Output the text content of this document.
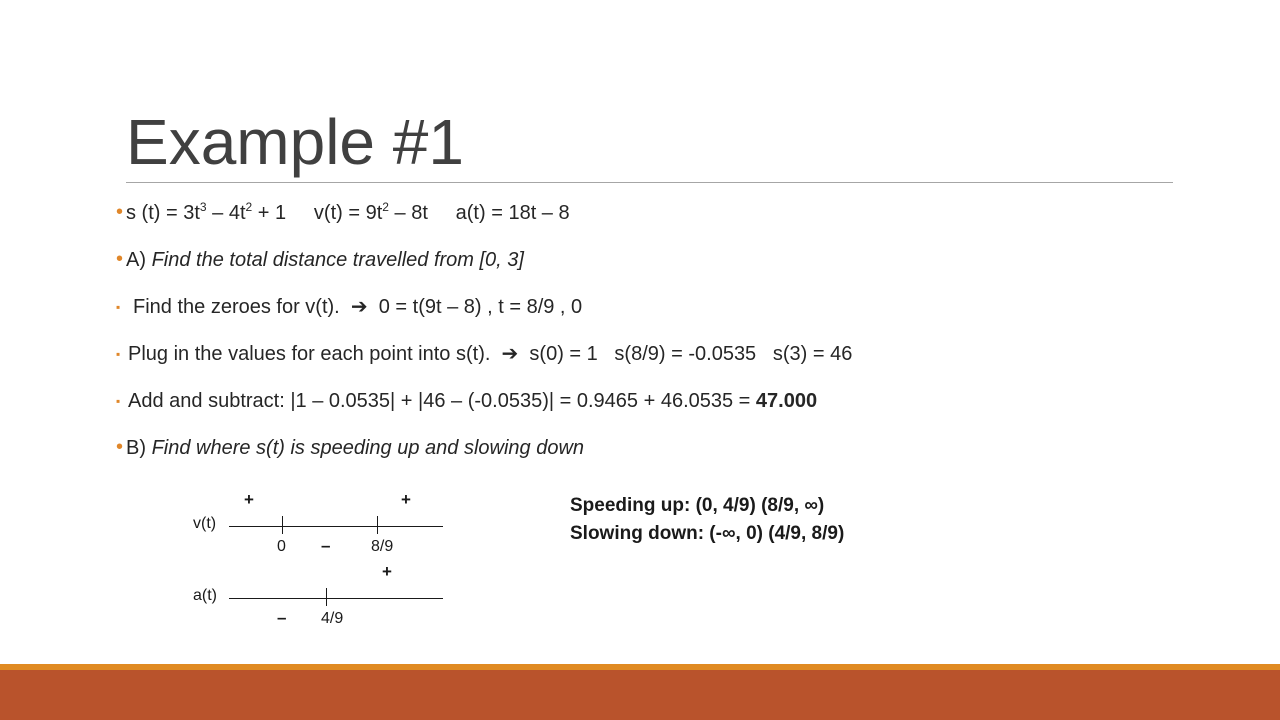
Example #1
• s $(t) = 3t^3 - 4t^2 + 1$     $v(t) = 9t^2 - 8t$     a(t) = 18t – 8
• A) Find the total distance travelled from [0, 3]
▪ Find the zeroes for v(t).  ➔  0 = t(9t – 8) , t = 8/9 , 0
▪ Plug in the values for each point into s(t).  ➔  s(0) = 1   s(8/9) = -0.0535   s(3) = 46
▪ Add and subtract: |1 – 0.0535| + |46 – (-0.0535)| = 0.9465 + 46.0535 = 47.000
• B) Find where s(t) is speeding up and slowing down
+	+
v(t)
0 –	8/9
+
a(t)
– 4/9
Speeding up: (0, 4/9) (8/9, ∞)
Slowing down: (-∞, 0) (4/9, 8/9)
